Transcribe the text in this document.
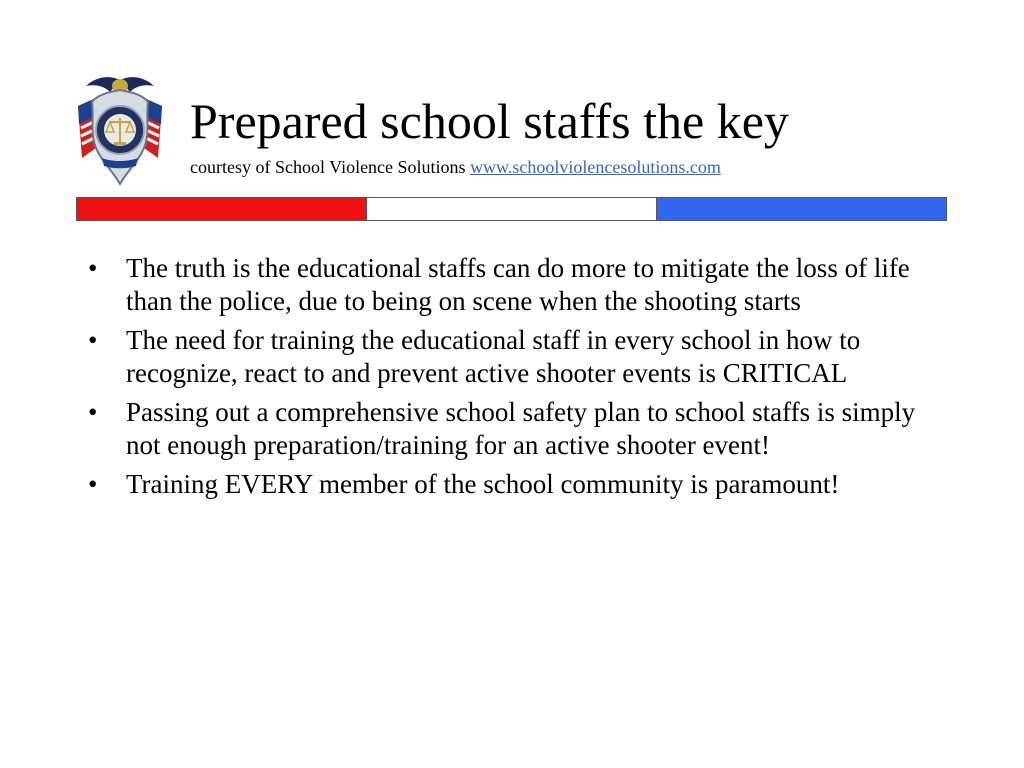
Prepared school staffs the key
courtesy of School Violence Solutions www.schoolviolencesolutions.com
• The truth is the educational staffs can do more to mitigate the loss of life than the police, due to being on scene when the shooting starts
• The need for training the educational staff in every school in how to recognize, react to and prevent active shooter events is CRITICAL
• Passing out a comprehensive school safety plan to school staffs is simply not enough preparation/training for an active shooter event!
• Training EVERY member of the school community is paramount!
